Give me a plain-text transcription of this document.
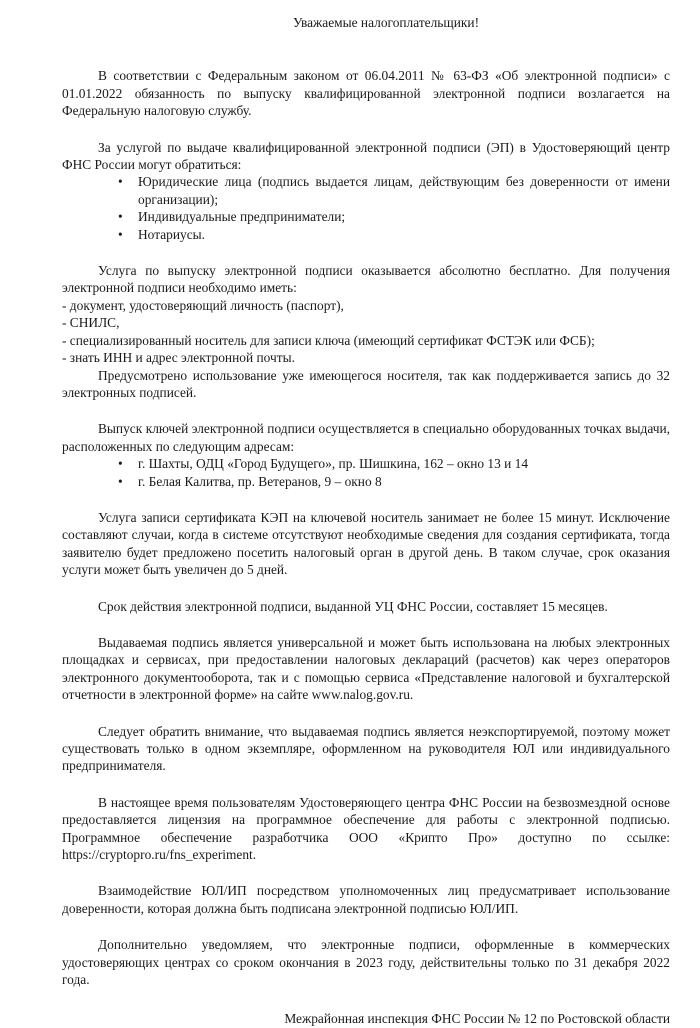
Уважаемые налогоплательщики!

В соответствии с Федеральным законом от 06.04.2011 № 63-ФЗ «Об электронной подписи» с 01.01.2022 обязанность по выпуску квалифицированной электронной подписи возлагается на Федеральную налоговую службу.

За услугой по выдаче квалифицированной электронной подписи (ЭП) в Удостоверяющий центр ФНС России могут обратиться:

• Юридические лица (подпись выдается лицам, действующим без доверенности от имени организации);
• Индивидуальные предприниматели;
• Нотариусы.

Услуга по выпуску электронной подписи оказывается абсолютно бесплатно. Для получения электронной подписи необходимо иметь:

- документ, удостоверяющий личность (паспорт),

- СНИЛС,

- специализированный носитель для записи ключа (имеющий сертификат ФСТЭК или ФСБ);

- знать ИНН и адрес электронной почты.

Предусмотрено использование уже имеющегося носителя, так как поддерживается запись до 32 электронных подписей.

Выпуск ключей электронной подписи осуществляется в специально оборудованных точках выдачи, расположенных по следующим адресам:

• г. Шахты, ОДЦ «Город Будущего», пр. Шишкина, 162 – окно 13 и 14
• г. Белая Калитва, пр. Ветеранов, 9 – окно 8

Услуга записи сертификата КЭП на ключевой носитель занимает не более 15 минут. Исключение составляют случаи, когда в системе отсутствуют необходимые сведения для создания сертификата, тогда заявителю будет предложено посетить налоговый орган в другой день. В таком случае, срок оказания услуги может быть увеличен до 5 дней.

Срок действия электронной подписи, выданной УЦ ФНС России, составляет 15 месяцев.

Выдаваемая подпись является универсальной и может быть использована на любых электронных площадках и сервисах, при предоставлении налоговых деклараций (расчетов) как через операторов электронного документооборота, так и с помощью сервиса «Представление налоговой и бухгалтерской отчетности в электронной форме» на сайте www.nalog.gov.ru.

Следует обратить внимание, что выдаваемая подпись является неэкспортируемой, поэтому может существовать только в одном экземпляре, оформленном на руководителя ЮЛ или индивидуального предпринимателя.

В настоящее время пользователям Удостоверяющего центра ФНС России на безвозмездной основе предоставляется лицензия на программное обеспечение для работы с электронной подписью. Программное обеспечение разработчика ООО «Крипто Про» доступно по ссылке: https://cryptopro.ru/fns_experiment.

Взаимодействие ЮЛ/ИП посредством уполномоченных лиц предусматривает использование доверенности, которая должна быть подписана электронной подписью ЮЛ/ИП.

Дополнительно уведомляем, что электронные подписи, оформленные в коммерческих удостоверяющих центрах со сроком окончания в 2023 году, действительны только по 31 декабря 2022 года.

Межрайонная инспекция ФНС России № 12 по Ростовской области
